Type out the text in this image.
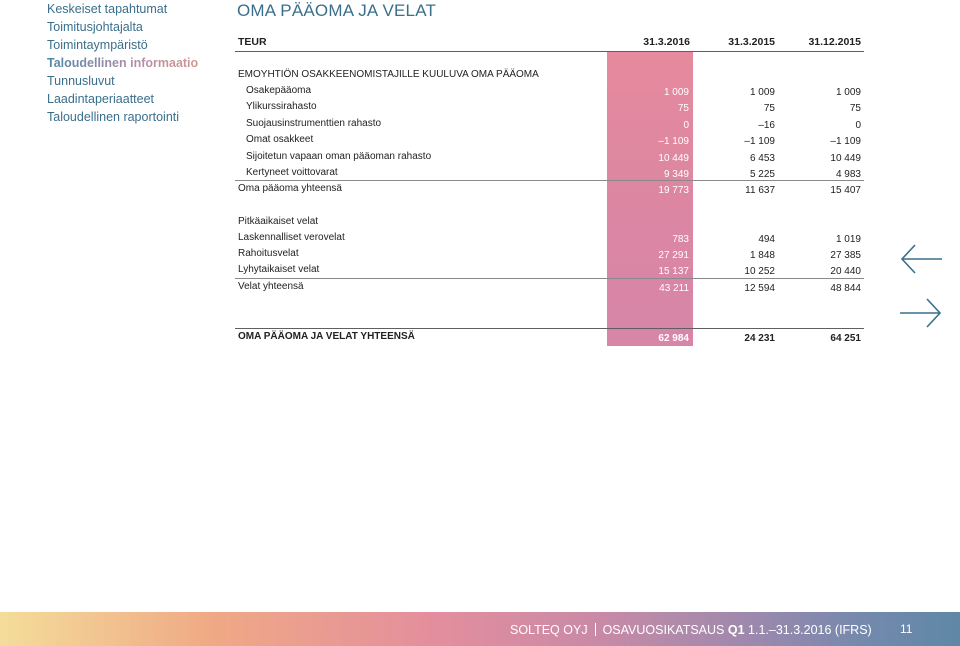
Keskeiset tapahtumat
Toimitusjohtajalta
Toimintaympäristö
Taloudellinen informaatio
Tunnusluvut
Laadintaperiaatteet
Taloudellinen raportointi
OMA PÄÄOMA JA VELAT
TEUR	31.3.2016	31.3.2015	31.12.2015
EMOYHTIÖN OSAKKEENOMISTAJILLE KUULUVA OMA PÄÄOMA
Osakepääoma	1 009	1 009	1 009
Ylikurssirahasto	75	75	75
Suojausinstrumenttien rahasto	0	–16	0
Omat osakkeet	–1 109	–1 109	–1 109
Sijoitetun vapaan oman pääoman rahasto	10 449	6 453	10 449
Kertyneet voittovarat	9 349	5 225	4 983
Oma pääoma yhteensä	19 773	11 637	15 407
Pitkäaikaiset velat
Laskennalliset verovelat	783	494	1 019
Rahoitusvelat	27 291	1 848	27 385
Lyhytaikaiset velat	15 137	10 252	20 440
Velat yhteensä	43 211	12 594	48 844
OMA PÄÄOMA JA VELAT YHTEENSÄ	62 984	24 231	64 251
SOLTEQ OYJ OSAVUOSIKATSAUS Q1 1.1.–31.3.2016 (IFRS) 11
